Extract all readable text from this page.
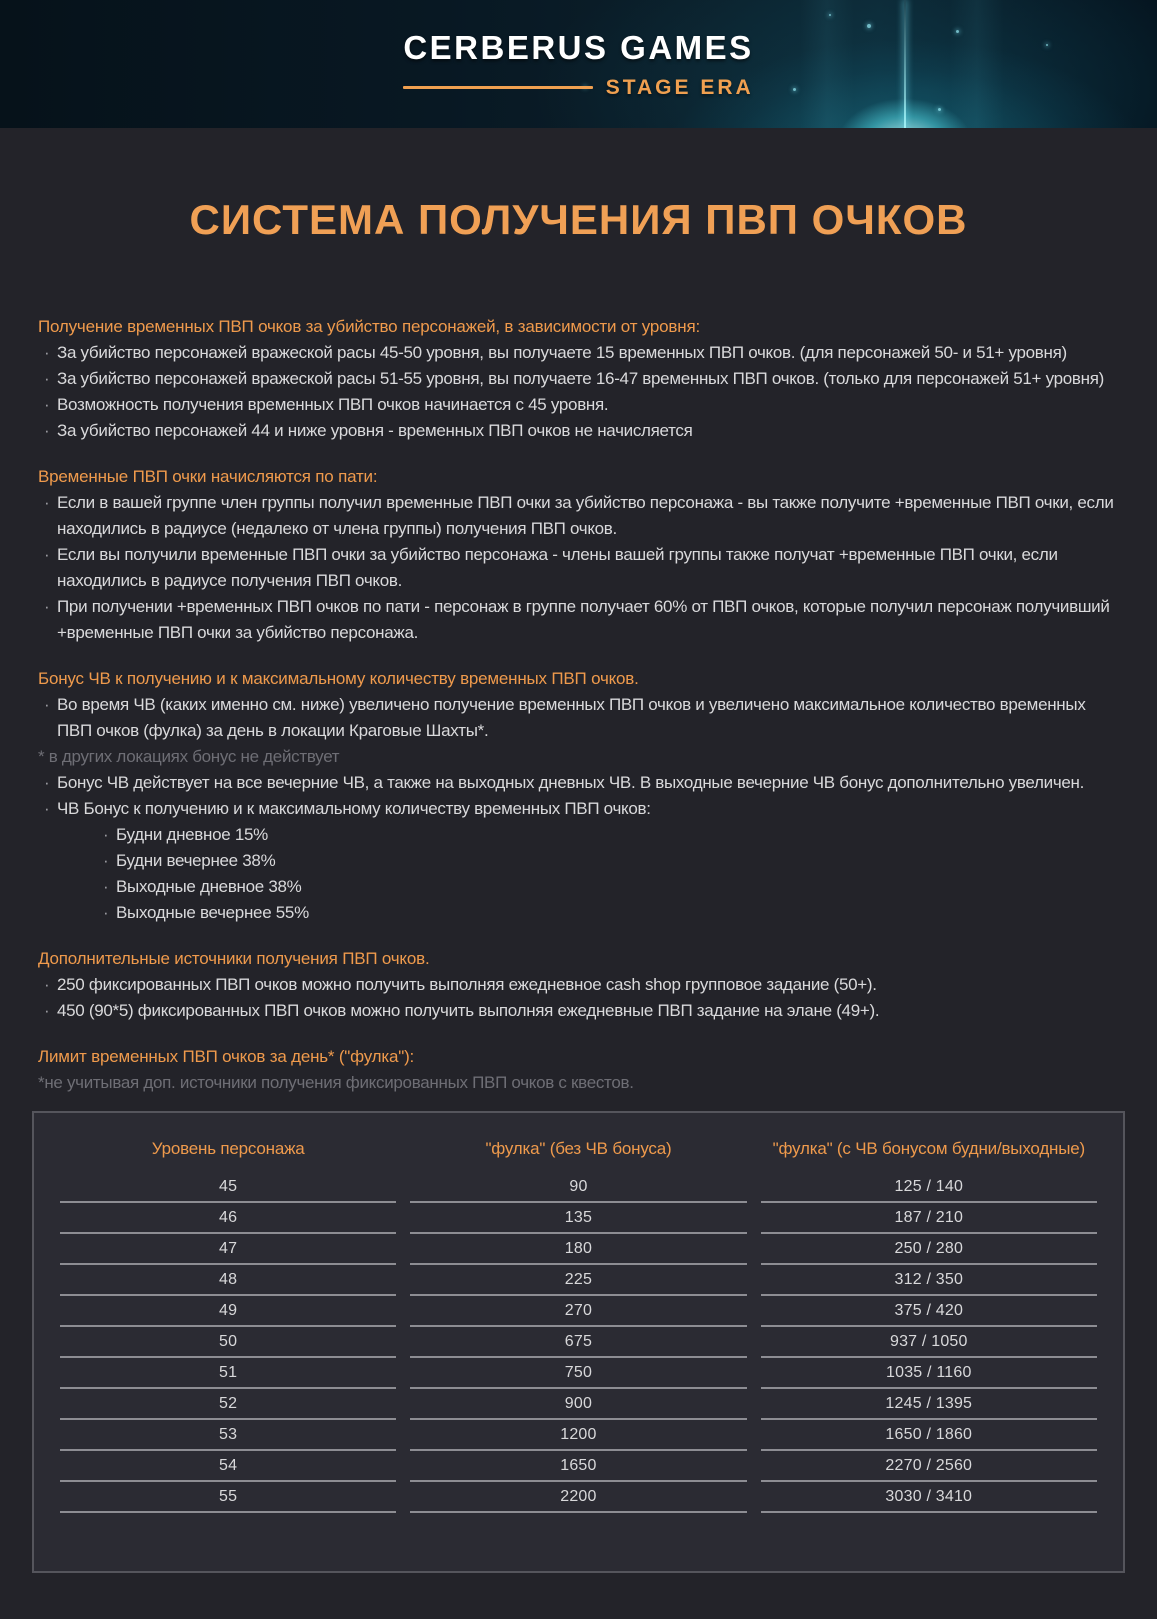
CERBERUS GAMES
STAGE ERA
СИСТЕМА ПОЛУЧЕНИЯ ПВП ОЧКОВ
Получение временных ПВП очков за убийство персонажей, в зависимости от уровня:
· За убийство персонажей вражеской расы 45-50 уровня, вы получаете 15 временных ПВП очков. (для персонажей 50- и 51+ уровня)
· За убийство персонажей вражеской расы 51-55 уровня, вы получаете 16-47 временных ПВП очков. (только для персонажей 51+ уровня)
· Возможность получения временных ПВП очков начинается с 45 уровня.
· За убийство персонажей 44 и ниже уровня - временных ПВП очков не начисляется
Временные ПВП очки начисляются по пати:
· Если в вашей группе член группы получил временные ПВП очки за убийство персонажа - вы также получите +временные ПВП очки, если находились в радиусе (недалеко от члена группы) получения ПВП очков.
· Если вы получили временные ПВП очки за убийство персонажа - члены вашей группы также получат +временные ПВП очки, если находились в радиусе получения ПВП очков.
· При получении +временных ПВП очков по пати - персонаж в группе получает 60% от ПВП очков, которые получил персонаж получивший +временные ПВП очки за убийство персонажа.
Бонус ЧВ к получению и к максимальному количеству временных ПВП очков.
· Во время ЧВ (каких именно см. ниже) увеличено получение временных ПВП очков и увеличено максимальное количество временных ПВП очков (фулка) за день в локации Краговые Шахты*.
* в других локациях бонус не действует
· Бонус ЧВ действует на все вечерние ЧВ, а также на выходных дневных ЧВ. В выходные вечерние ЧВ бонус дополнительно увеличен.
· ЧВ Бонус к получению и к максимальному количеству временных ПВП очков:
· Будни дневное 15%
· Будни вечернее 38%
· Выходные дневное 38%
· Выходные вечернее 55%
Дополнительные источники получения ПВП очков.
· 250 фиксированных ПВП очков можно получить выполняя ежедневное cash shop групповое задание (50+).
· 450 (90*5) фиксированных ПВП очков можно получить выполняя ежедневные ПВП задание на элане (49+).
Лимит временных ПВП очков за день* ("фулка"):
*не учитывая доп. источники получения фиксированных ПВП очков с квестов.
Уровень персонажа	"фулка" (без ЧВ бонуса)	"фулка" (с ЧВ бонусом будни/выходные)
45	90	125 / 140
46	135	187 / 210
47	180	250 / 280
48	225	312 / 350
49	270	375 / 420
50	675	937 / 1050
51	750	1035 / 1160
52	900	1245 / 1395
53	1200	1650 / 1860
54	1650	2270 / 2560
55	2200	3030 / 3410
